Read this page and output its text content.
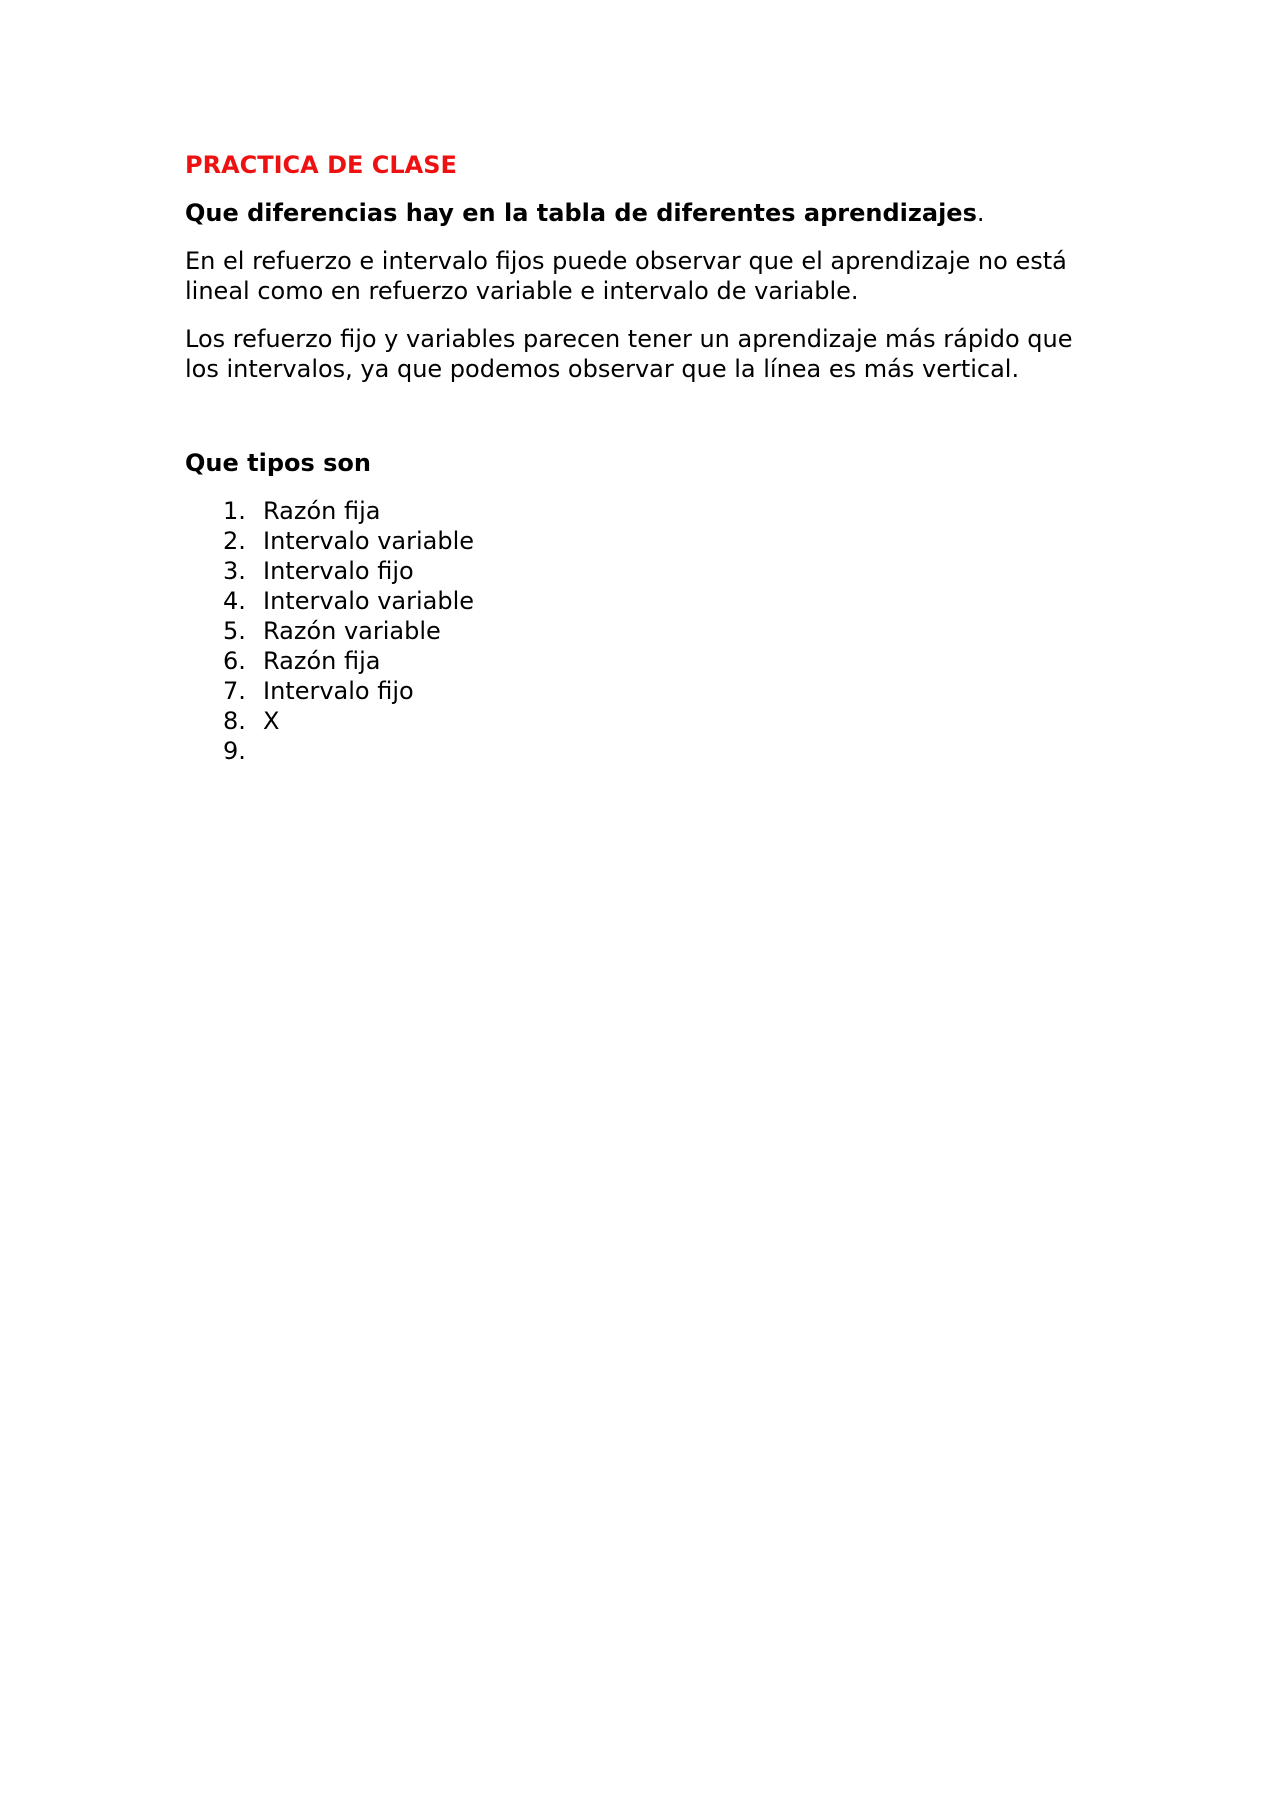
PRACTICA DE CLASE
Que diferencias hay en la tabla de diferentes aprendizajes.
En el refuerzo e intervalo fijos puede observar que el aprendizaje no está lineal como en refuerzo variable e intervalo de variable.
Los refuerzo fijo y variables parecen tener un aprendizaje más rápido que los intervalos, ya que podemos observar que la línea es más vertical.
Que tipos son
1. Razón fija
2. Intervalo variable
3. Intervalo fijo
4. Intervalo variable
5. Razón variable
6. Razón fija
7. Intervalo fijo
8. X
9.
